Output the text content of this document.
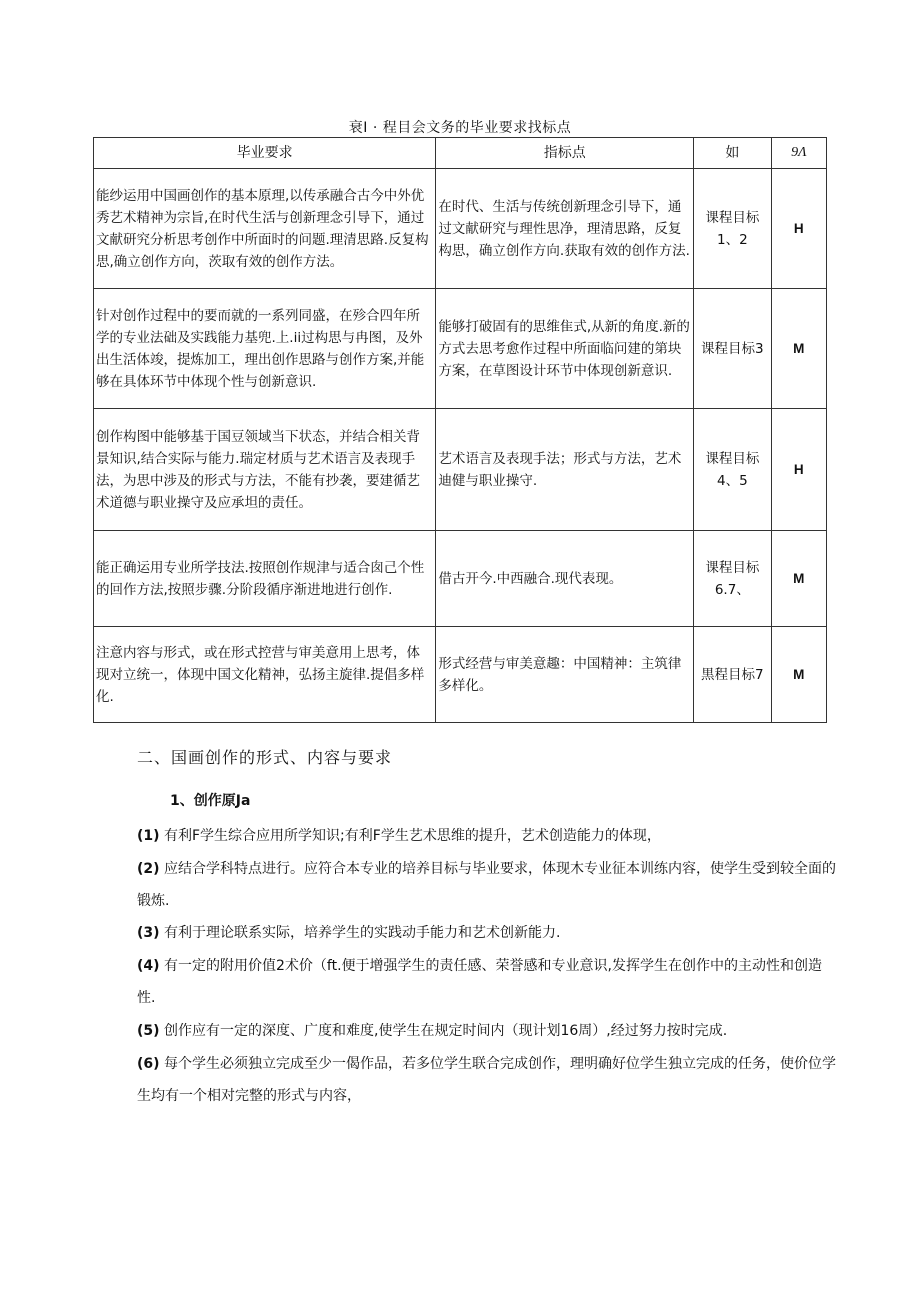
衰I · 程目会文务的毕业要求找标点
毕业要求	指标点	如	9Λ
能纱运用中国画创作的基本原理,以传承融合古今中外优秀艺术精神为宗旨,在时代生活与创新理念引导下，通过文献研究分析思考创作中所面时的问题.理清思路.反复构思,确立创作方向，茨取有效的创作方法。	在时代、生活与传统创新理念引导下，通过文献研究与理性思净，理清思路，反复构思，确立创作方向.获取有效的创作方法.	课程目标1、2	H
针对创作过程中的要而就的一系列同盛，在殄合四年所学的专业法础及实践能力基兜.上.ii过构思与冉图，及外出生活体竣，提炼加工，理出创作思路与创作方案,并能够在具体环节中体现个性与创新意识.	能够打破固有的思维隹式,从新的角度.新的方式去思考愈作过程中所面临问建的第块方案，在草图设计环节中体现创新意识.	课程目标3	M
创作构图中能够基于国豆领域当下状态，并结合相关背景知识,结合实际与能力.瑞定材质与艺术语言及表现手法，为思中涉及的形式与方法，不能有抄袭，要建循艺术道德与职业操守及应承坦的责任。	艺术语言及表现手法；形式与方法，艺术迪健与职业操守.	课程目标4、5	H
能正确运用专业所学技法.按照创作规津与适合囱己个性的回作方法,按照步骤.分阶段循序渐进地进行创作.	借古开今.中西融合.现代表现。	课程目标6.7、	M
注意内容与形式，或在形式控营与审美意用上思考，体现对立统一，体现中国文化精神，弘扬主旋律.提倡多样化.	形式经营与审美意趣：中国精神：主筑律多样化。	黒程目标7	M
二、国画创作的形式、内容与要求
1、创作原Ja
(1) 有利F学生综合应用所学知识;有利F学生艺术思维的提升，艺术创造能力的体现，
(2) 应结合学科特点进行。应符合本专业的培养目标与毕业要求，体现木专业征本训练内容，使学生受到较全面的锻炼.
(3) 有利于理论联系实际，培养学生的实践动手能力和艺术创新能力.
(4) 有一定的附用价值2术价（ft.便于增强学生的责任感、荣誉感和专业意识,发挥学生在创作中的主动性和创造性.
(5) 创作应有一定的深度、广度和难度,使学生在规定时间内（现计划16周）,经过努力按时完成.
(6) 每个学生必须独立完成至少一偈作品，若多位学生联合完成创作，理明确好位学生独立完成的任务，使价位学生均有一个相对完整的形式与内容，
